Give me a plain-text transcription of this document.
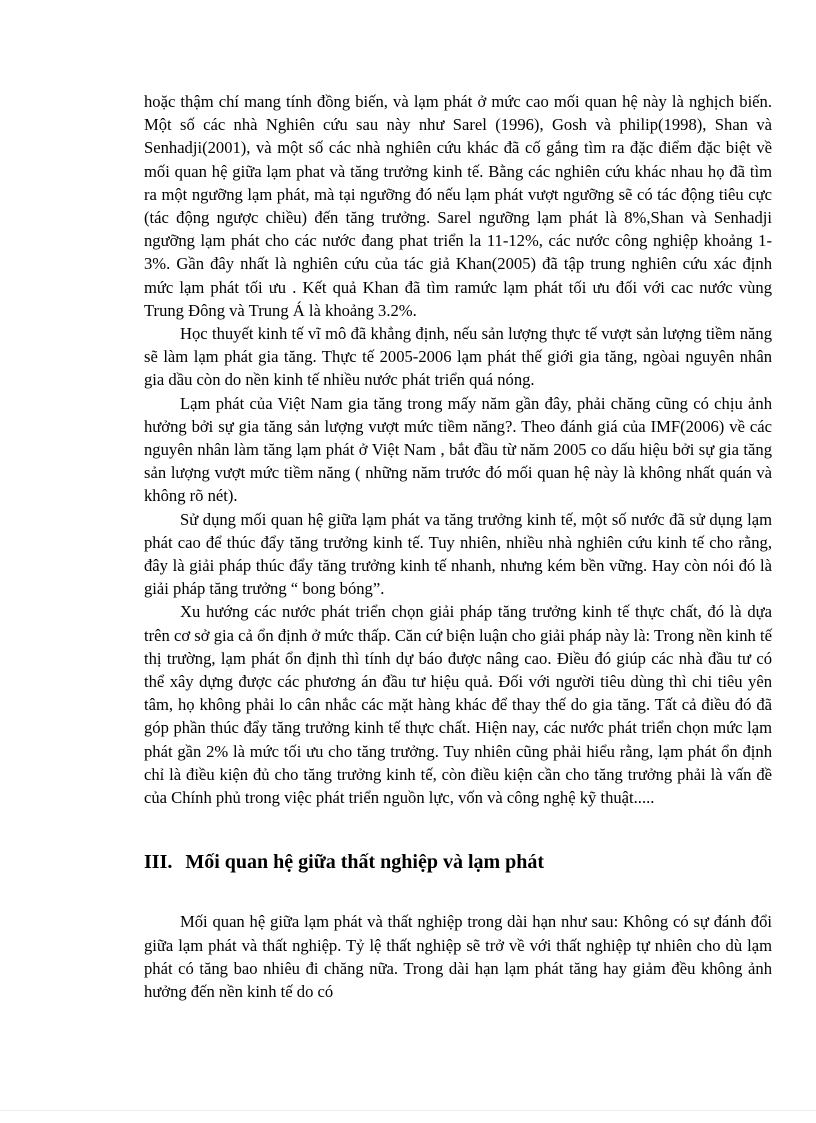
hoặc thậm chí mang tính đồng biến, và lạm phát ở mức cao mối quan hệ này là nghịch biến. Một số các nhà Nghiên cứu sau này như Sarel (1996), Gosh và philip(1998), Shan và Senhadji(2001), và một số các nhà nghiên cứu khác đã cố gắng tìm ra đặc điểm đặc biệt về mối quan hệ giữa lạm phat và tăng trưởng kinh tế. Bằng các nghiên cứu khác nhau họ đã tìm ra một ngưỡng lạm phát, mà tại ngưỡng đó nếu lạm phát vượt ngưỡng sẽ có tác động tiêu cực (tác động ngược chiều) đến tăng trưởng. Sarel ngưỡng lạm phát là 8%,Shan và Senhadji ngưỡng lạm phát cho các nước đang phat triển la 11-12%, các nước công nghiệp khoảng 1-3%. Gần đây nhất là nghiên cứu của tác giả Khan(2005) đã tập trung nghiên cứu xác định mức lạm phát tối ưu . Kết quả Khan đã tìm ramức lạm phát tối ưu đối với cac nước vùng Trung Đông và Trung Á là khoảng 3.2%.

Học thuyết kinh tế vĩ mô đã khẳng định, nếu sản lượng thực tế vượt sản lượng tiềm năng sẽ làm lạm phát gia tăng. Thực tế 2005-2006 lạm phát thế giới gia tăng, ngòai nguyên nhân gia dầu còn do nền kinh tế nhiều nước phát triển quá nóng.

Lạm phát của Việt Nam gia tăng trong mấy năm gần đây, phải chăng cũng có chịu ảnh hưởng bởi sự gia tăng sản lượng vượt mức tiềm năng?. Theo đánh giá của IMF(2006) về các nguyên nhân làm tăng lạm phát ở Việt Nam , bắt đầu từ năm 2005 co dấu hiệu bởi sự gia tăng sản lượng vượt mức tiềm năng ( những năm trước đó mối quan hệ này là không nhất quán và không rõ nét).

Sử dụng mối quan hệ giữa lạm phát va tăng trưởng kinh tế, một số nước đã sử dụng lạm phát cao để thúc đẩy tăng trưởng kinh tế. Tuy nhiên, nhiều nhà nghiên cứu kinh tế cho rằng, đây là giải pháp thúc đẩy tăng trưởng kinh tế nhanh, nhưng kém bền vững. Hay còn nói đó là giải pháp tăng trưởng “ bong bóng”.

Xu hướng các nước phát triển chọn giải pháp tăng trưởng kinh tế thực chất, đó là dựa trên cơ sở gia cả ổn định ở mức thấp. Căn cứ biện luận cho giải pháp này là: Trong nền kinh tế thị trường, lạm phát ổn định thì tính dự báo được nâng cao. Điều đó giúp các nhà đầu tư có thể xây dựng được các phương án đầu tư hiệu quả. Đối với người tiêu dùng thì chi tiêu yên tâm, họ không phải lo cân nhắc các mặt hàng khác để thay thế do gia tăng. Tất cả điều đó đã góp phần thúc đẩy tăng trưởng kinh tế thực chất. Hiện nay, các nước phát triển chọn mức lạm phát gần 2% là mức tối ưu cho tăng trưởng. Tuy nhiên cũng phải hiểu rằng, lạm phát ổn định chỉ là điều kiện đủ cho tăng trưởng kinh tế, còn điều kiện cần cho tăng trưởng phải là vấn đề của Chính phủ trong việc phát triển nguồn lực, vốn và công nghệ kỹ thuật.....

III. Mối quan hệ giữa thất nghiệp và lạm phát

Mối quan hệ giữa lạm phát và thất nghiệp trong dài hạn như sau: Không có sự đánh đổi giữa lạm phát và thất nghiệp. Tỷ lệ thất nghiệp sẽ trở về với thất nghiệp tự nhiên cho dù lạm phát có tăng bao nhiêu đi chăng nữa. Trong dài hạn lạm phát tăng hay giảm đều không ảnh hưởng đến nền kinh tế do có
